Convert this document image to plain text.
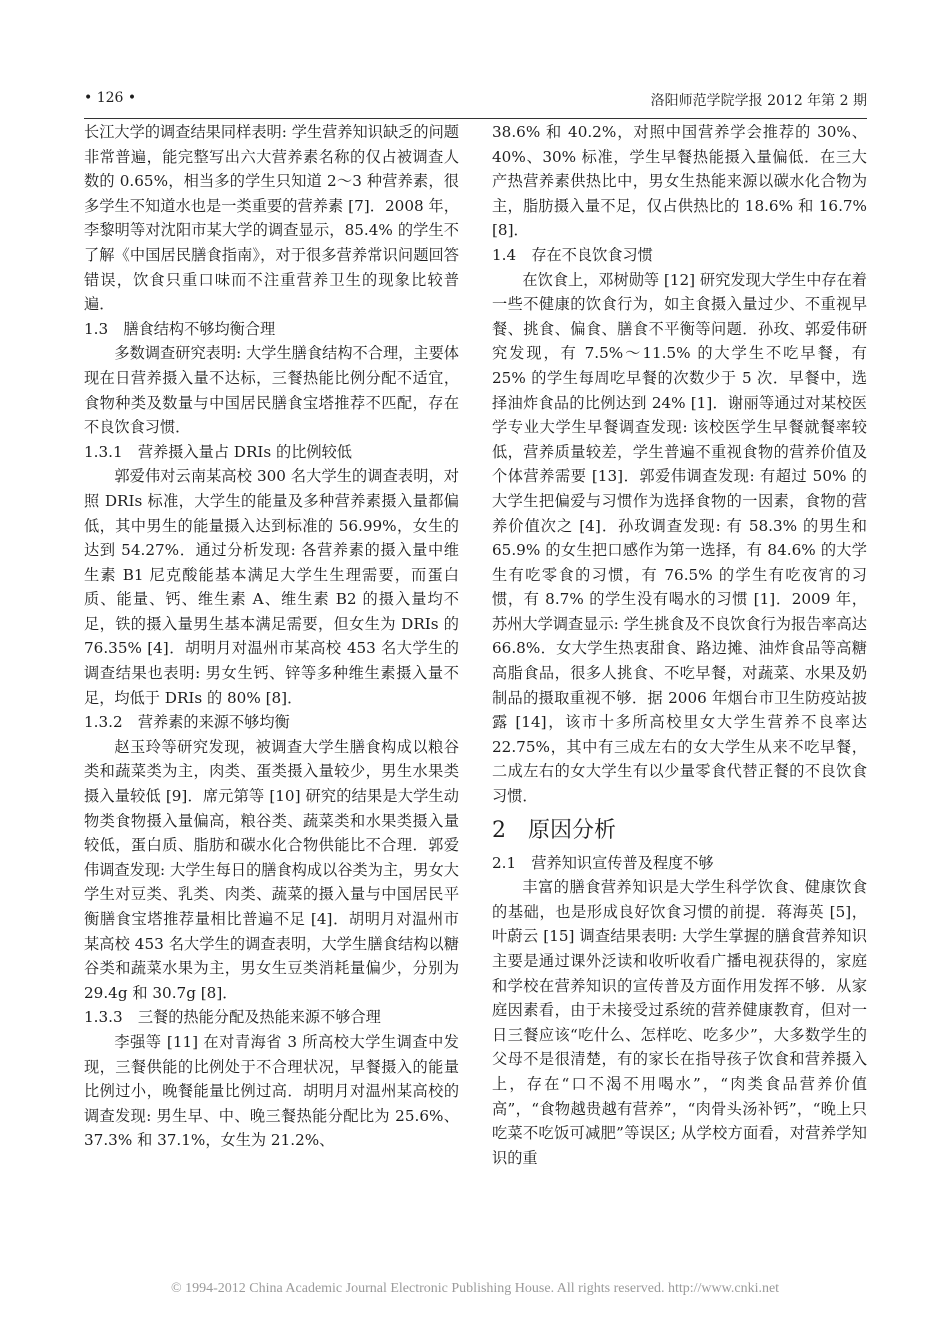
• 126 •	洛阳师范学院学报 2012 年第 2 期

长江大学的调查结果同样表明: 学生营养知识缺乏的问题非常普遍，能完整写出六大营养素名称的仅占被调查人数的 0.65%，相当多的学生只知道 2～3 种营养素，很多学生不知道水也是一类重要的营养素 [7]．2008 年，李黎明等对沈阳市某大学的调查显示，85.4% 的学生不了解《中国居民膳食指南》，对于很多营养常识问题回答错误，饮食只重口味而不注重营养卫生的现象比较普遍．

1.3　膳食结构不够均衡合理

多数调查研究表明: 大学生膳食结构不合理，主要体现在日营养摄入量不达标，三餐热能比例分配不适宜，食物种类及数量与中国居民膳食宝塔推荐不匹配，存在不良饮食习惯．

1.3.1　营养摄入量占 DRIs 的比例较低

郭爱伟对云南某高校 300 名大学生的调查表明，对照 DRIs 标准，大学生的能量及多种营养素摄入量都偏低，其中男生的能量摄入达到标准的 56.99%，女生的达到 54.27%．通过分析发现: 各营养素的摄入量中维生素 B1 尼克酸能基本满足大学生生理需要，而蛋白质、能量、钙、维生素 A、维生素 B2 的摄入量均不足，铁的摄入量男生基本满足需要，但女生为 DRIs 的 76.35% [4]．胡明月对温州市某高校 453 名大学生的调查结果也表明: 男女生钙、锌等多种维生素摄入量不足，均低于 DRIs 的 80% [8]．

1.3.2　营养素的来源不够均衡

赵玉玲等研究发现，被调查大学生膳食构成以粮谷类和蔬菜类为主，肉类、蛋类摄入量较少，男生水果类摄入量较低 [9]．席元第等 [10] 研究的结果是大学生动物类食物摄入量偏高，粮谷类、蔬菜类和水果类摄入量较低，蛋白质、脂肪和碳水化合物供能比不合理．郭爱伟调查发现: 大学生每日的膳食构成以谷类为主，男女大学生对豆类、乳类、肉类、蔬菜的摄入量与中国居民平衡膳食宝塔推荐量相比普遍不足 [4]．胡明月对温州市某高校 453 名大学生的调查表明，大学生膳食结构以糖谷类和蔬菜水果为主，男女生豆类消耗量偏少，分别为 29.4g 和 30.7g [8]．

1.3.3　三餐的热能分配及热能来源不够合理

李强等 [11] 在对青海省 3 所高校大学生调查中发现，三餐供能的比例处于不合理状况，早餐摄入的能量比例过小，晚餐能量比例过高．胡明月对温州某高校的调查发现: 男生早、中、晚三餐热能分配比为 25.6%、37.3% 和 37.1%，女生为 21.2%、

38.6% 和 40.2%，对照中国营养学会推荐的 30%、40%、30% 标准，学生早餐热能摄入量偏低．在三大产热营养素供热比中，男女生热能来源以碳水化合物为主，脂肪摄入量不足，仅占供热比的 18.6% 和 16.7% [8]．

1.4　存在不良饮食习惯

在饮食上，邓树勋等 [12] 研究发现大学生中存在着一些不健康的饮食行为，如主食摄入量过少、不重视早餐、挑食、偏食、膳食不平衡等问题．孙玫、郭爱伟研究发现，有 7.5%～11.5% 的大学生不吃早餐，有 25% 的学生每周吃早餐的次数少于 5 次．早餐中，选择油炸食品的比例达到 24% [1]．谢丽等通过对某校医学专业大学生早餐调查发现: 该校医学生早餐就餐率较低，营养质量较差，学生普遍不重视食物的营养价值及个体营养需要 [13]．郭爱伟调查发现: 有超过 50% 的大学生把偏爱与习惯作为选择食物的一因素，食物的营养价值次之 [4]．孙玫调查发现: 有 58.3% 的男生和 65.9% 的女生把口感作为第一选择，有 84.6% 的大学生有吃零食的习惯，有 76.5% 的学生有吃夜宵的习惯，有 8.7% 的学生没有喝水的习惯 [1]．2009 年，苏州大学调查显示: 学生挑食及不良饮食行为报告率高达 66.8%．女大学生热衷甜食、路边摊、油炸食品等高糖高脂食品，很多人挑食、不吃早餐，对蔬菜、水果及奶制品的摄取重视不够．据 2006 年烟台市卫生防疫站披露 [14]，该市十多所高校里女大学生营养不良率达 22.75%，其中有三成左右的女大学生从来不吃早餐，二成左右的女大学生有以少量零食代替正餐的不良饮食习惯．

2　原因分析
2.1　营养知识宣传普及程度不够

丰富的膳食营养知识是大学生科学饮食、健康饮食的基础，也是形成良好饮食习惯的前提．蒋海英 [5]，叶蔚云 [15] 调查结果表明: 大学生掌握的膳食营养知识主要是通过课外泛读和收听收看广播电视获得的，家庭和学校在营养知识的宣传普及方面作用发挥不够．从家庭因素看，由于未接受过系统的营养健康教育，但对一日三餐应该“吃什么、怎样吃、吃多少”，大多数学生的父母不是很清楚，有的家长在指导孩子饮食和营养摄入上，存在“口不渴不用喝水”，“肉类食品营养价值高”，“食物越贵越有营养”，“肉骨头汤补钙”，“晚上只吃菜不吃饭可减肥”等误区; 从学校方面看，对营养学知识的重

© 1994-2012 China Academic Journal Electronic Publishing House. All rights reserved. http://www.cnki.net
